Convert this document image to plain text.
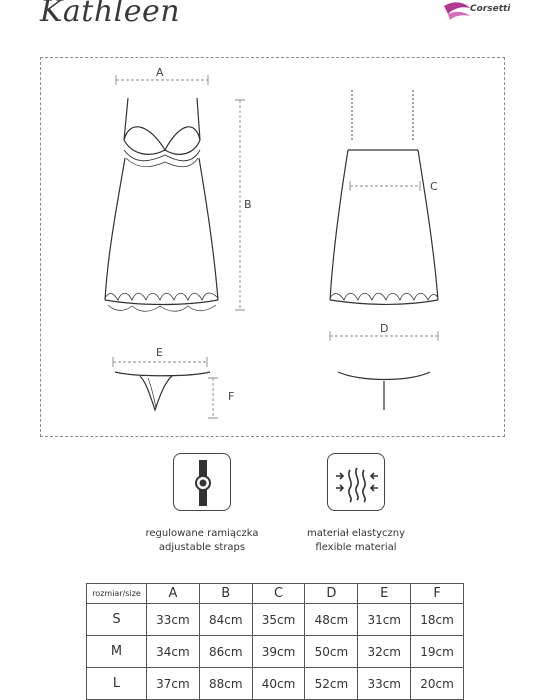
Kathleen	Corsetti
A
B
C
D
E
F
regulowane ramiączka
adjustable straps
materiał elastyczny
flexible material
rozmiar/size	A	B	C	D	E	F
S	33cm	84cm	35cm	48cm	31cm	18cm
M	34cm	86cm	39cm	50cm	32cm	19cm
L	37cm	88cm	40cm	52cm	33cm	20cm
